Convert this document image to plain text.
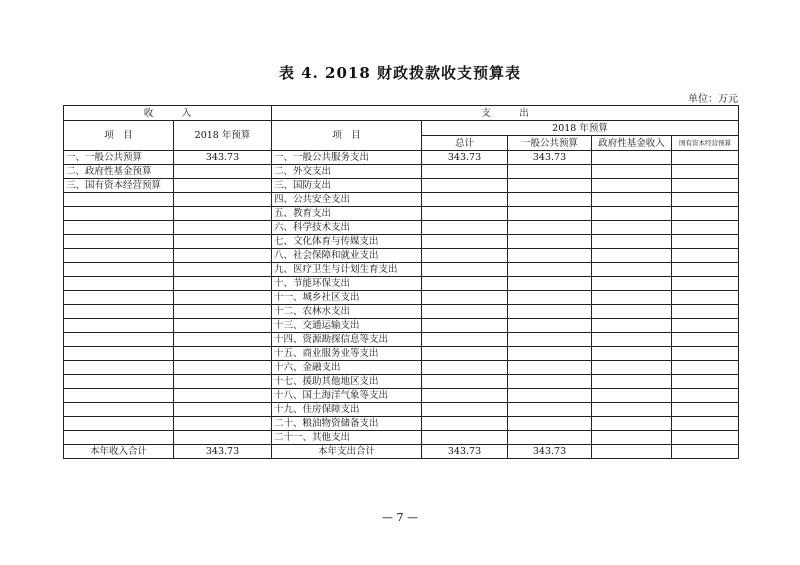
表 4. 2018 财政拨款收支预算表
单位：万元
收　　　入		支　　　出				
项　目	2018 年预算	项　目	2018 年预算			
			总计	一般公共预算	政府性基金收入	国有资本经营预算
一、一般公共预算	343.73	一、一般公共服务支出	343.73	343.73		
二、政府性基金预算		二、外交支出				
三、国有资本经营预算		三、国防支出				
		四、公共安全支出				
		五、教育支出				
		六、科学技术支出				
		七、文化体育与传媒支出				
		八、社会保障和就业支出				
		九、医疗卫生与计划生育支出				
		十、节能环保支出				
		十一、城乡社区支出				
		十二、农林水支出				
		十三、交通运输支出				
		十四、资源勘探信息等支出				
		十五、商业服务业等支出				
		十六、金融支出				
		十七、援助其他地区支出				
		十八、国土海洋气象等支出				
		十九、住房保障支出				
		二十、粮油物资储备支出				
		二十一、其他支出				
本年收入合计	343.73	本年支出合计	343.73	343.73		
— 7 —
